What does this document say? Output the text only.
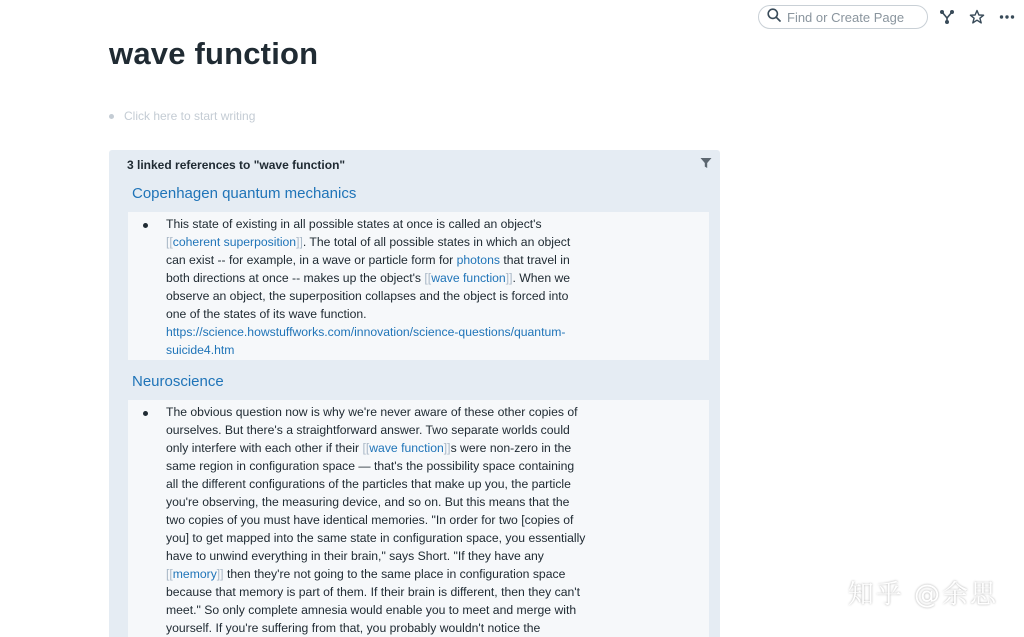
Find or Create Page
wave function
Click here to start writing
3 linked references to "wave function"
Copenhagen quantum mechanics
This state of existing in all possible states at once is called an object's
[[coherent superposition]]. The total of all possible states in which an object
can exist -- for example, in a wave or particle form for photons that travel in
both directions at once -- makes up the object's [[wave function]]. When we
observe an object, the superposition collapses and the object is forced into
one of the states of its wave function.
https://science.howstuffworks.com/innovation/science-questions/quantum-
suicide4.htm
Neuroscience
The obvious question now is why we're never aware of these other copies of
ourselves. But there's a straightforward answer. Two separate worlds could
only interfere with each other if their [[wave function]]s were non-zero in the
same region in configuration space — that's the possibility space containing
all the different configurations of the particles that make up you, the particle
you're observing, the measuring device, and so on. But this means that the
two copies of you must have identical memories. "In order for two [copies of
you] to get mapped into the same state in configuration space, you essentially
have to unwind everything in their brain," says Short. "If they have any
[[memory]] then they're not going to the same place in configuration space
because that memory is part of them. If their brain is different, then they can't
meet." So only complete amnesia would enable you to meet and merge with
yourself. If you're suffering from that, you probably wouldn't notice the
知乎 @余思
